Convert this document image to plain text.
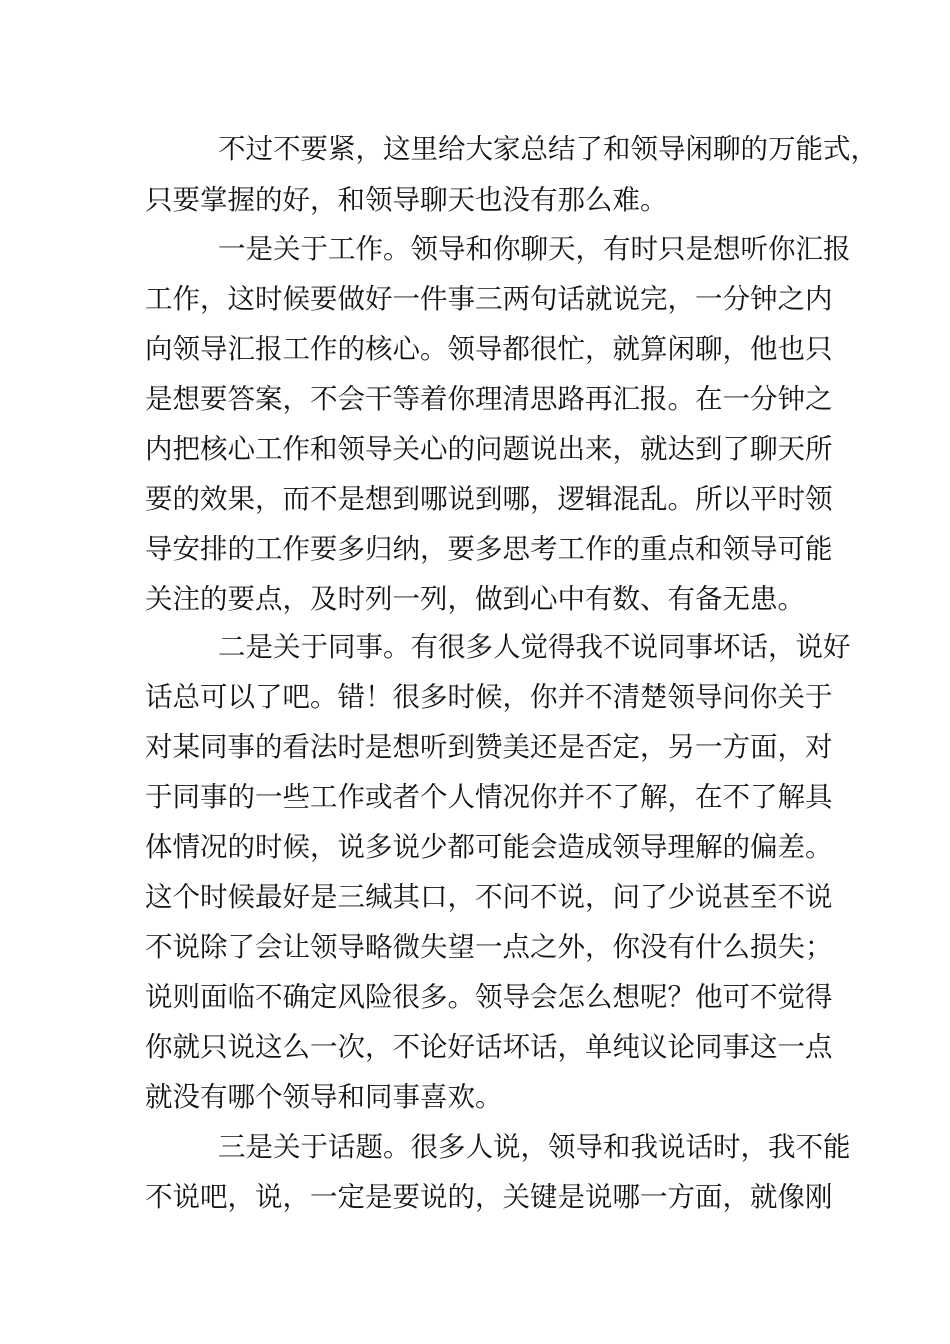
不过不要紧，这里给大家总结了和领导闲聊的万能式，
只要掌握的好，和领导聊天也没有那么难。
一是关于工作。领导和你聊天，有时只是想听你汇报
工作，这时候要做好一件事三两句话就说完，一分钟之内
向领导汇报工作的核心。领导都很忙，就算闲聊，他也只
是想要答案，不会干等着你理清思路再汇报。在一分钟之
内把核心工作和领导关心的问题说出来，就达到了聊天所
要的效果，而不是想到哪说到哪，逻辑混乱。所以平时领
导安排的工作要多归纳，要多思考工作的重点和领导可能
关注的要点，及时列一列，做到心中有数、有备无患。
二是关于同事。有很多人觉得我不说同事坏话，说好
话总可以了吧。错！很多时候，你并不清楚领导问你关于
对某同事的看法时是想听到赞美还是否定，另一方面，对
于同事的一些工作或者个人情况你并不了解，在不了解具
体情况的时候，说多说少都可能会造成领导理解的偏差。
这个时候最好是三缄其口，不问不说，问了少说甚至不说
不说除了会让领导略微失望一点之外，你没有什么损失；
说则面临不确定风险很多。领导会怎么想呢？他可不觉得
你就只说这么一次，不论好话坏话，单纯议论同事这一点
就没有哪个领导和同事喜欢。
三是关于话题。很多人说，领导和我说话时，我不能
不说吧，说，一定是要说的，关键是说哪一方面，就像刚
